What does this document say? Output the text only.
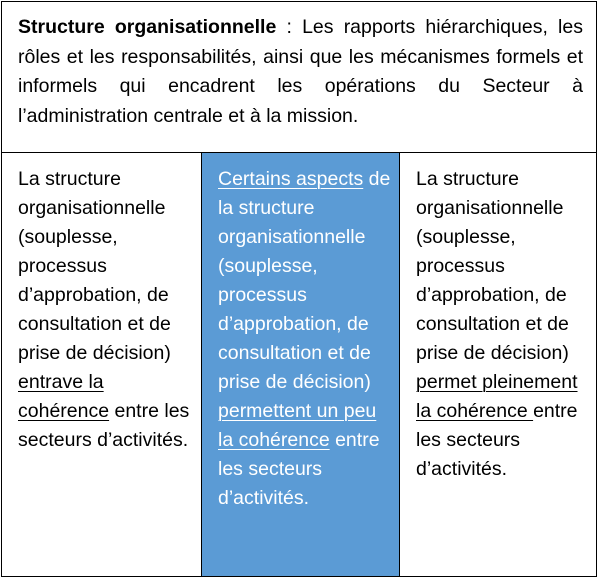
Structure organisationnelle : Les rapports hiérarchiques, les rôles et les responsabilités, ainsi que les mécanismes formels et informels qui encadrent les opérations du Secteur à l’administration centrale et à la mission.
La structure organisationnelle (souplesse, processus d’approbation, de consultation et de prise de décision) entrave la cohérence entre les secteurs d’activités.
Certains aspects de la structure organisationnelle (souplesse, processus d’approbation, de consultation et de prise de décision) permettent un peu la cohérence entre les secteurs d’activités.
La structure organisationnelle (souplesse, processus d’approbation, de consultation et de prise de décision) permet pleinement la cohérence entre les secteurs d’activités.
